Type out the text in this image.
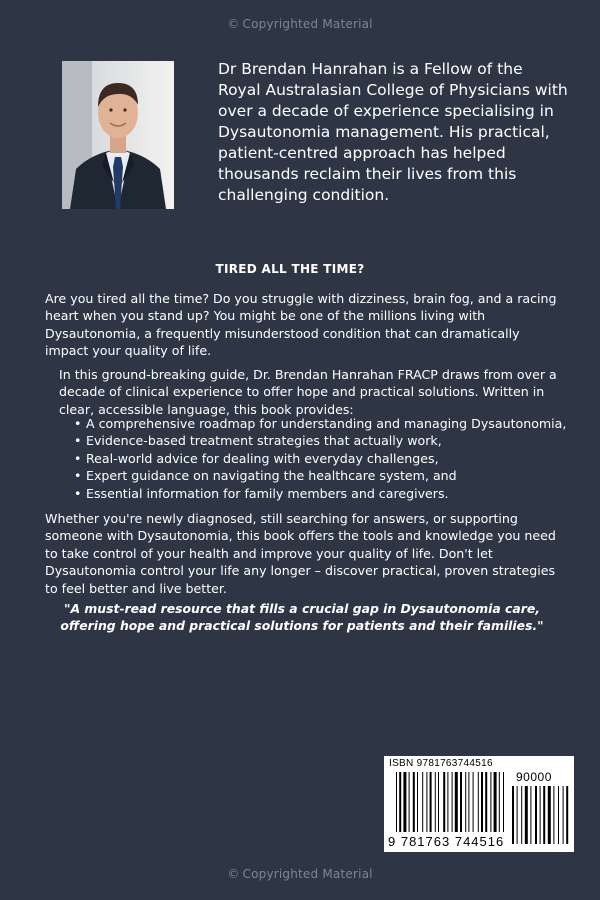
© Copyrighted Material
Dr Brendan Hanrahan is a Fellow of the Royal Australasian College of Physicians with over a decade of experience specialising in Dysautonomia management. His practical, patient-centred approach has helped thousands reclaim their lives from this challenging condition.
TIRED ALL THE TIME?
Are you tired all the time? Do you struggle with dizziness, brain fog, and a racing heart when you stand up? You might be one of the millions living with Dysautonomia, a frequently misunderstood condition that can dramatically impact your quality of life.
In this ground-breaking guide, Dr. Brendan Hanrahan FRACP draws from over a decade of clinical experience to offer hope and practical solutions. Written in clear, accessible language, this book provides:
• A comprehensive roadmap for understanding and managing Dysautonomia,
• Evidence-based treatment strategies that actually work,
• Real-world advice for dealing with everyday challenges,
• Expert guidance on navigating the healthcare system, and
• Essential information for family members and caregivers.
Whether you're newly diagnosed, still searching for answers, or supporting someone with Dysautonomia, this book offers the tools and knowledge you need to take control of your health and improve your quality of life. Don't let Dysautonomia control your life any longer – discover practical, proven strategies to feel better and live better.
"A must-read resource that fills a crucial gap in Dysautonomia care, offering hope and practical solutions for patients and their families."
ISBN 9781763744516
90000
9 781763 744516
© Copyrighted Material
